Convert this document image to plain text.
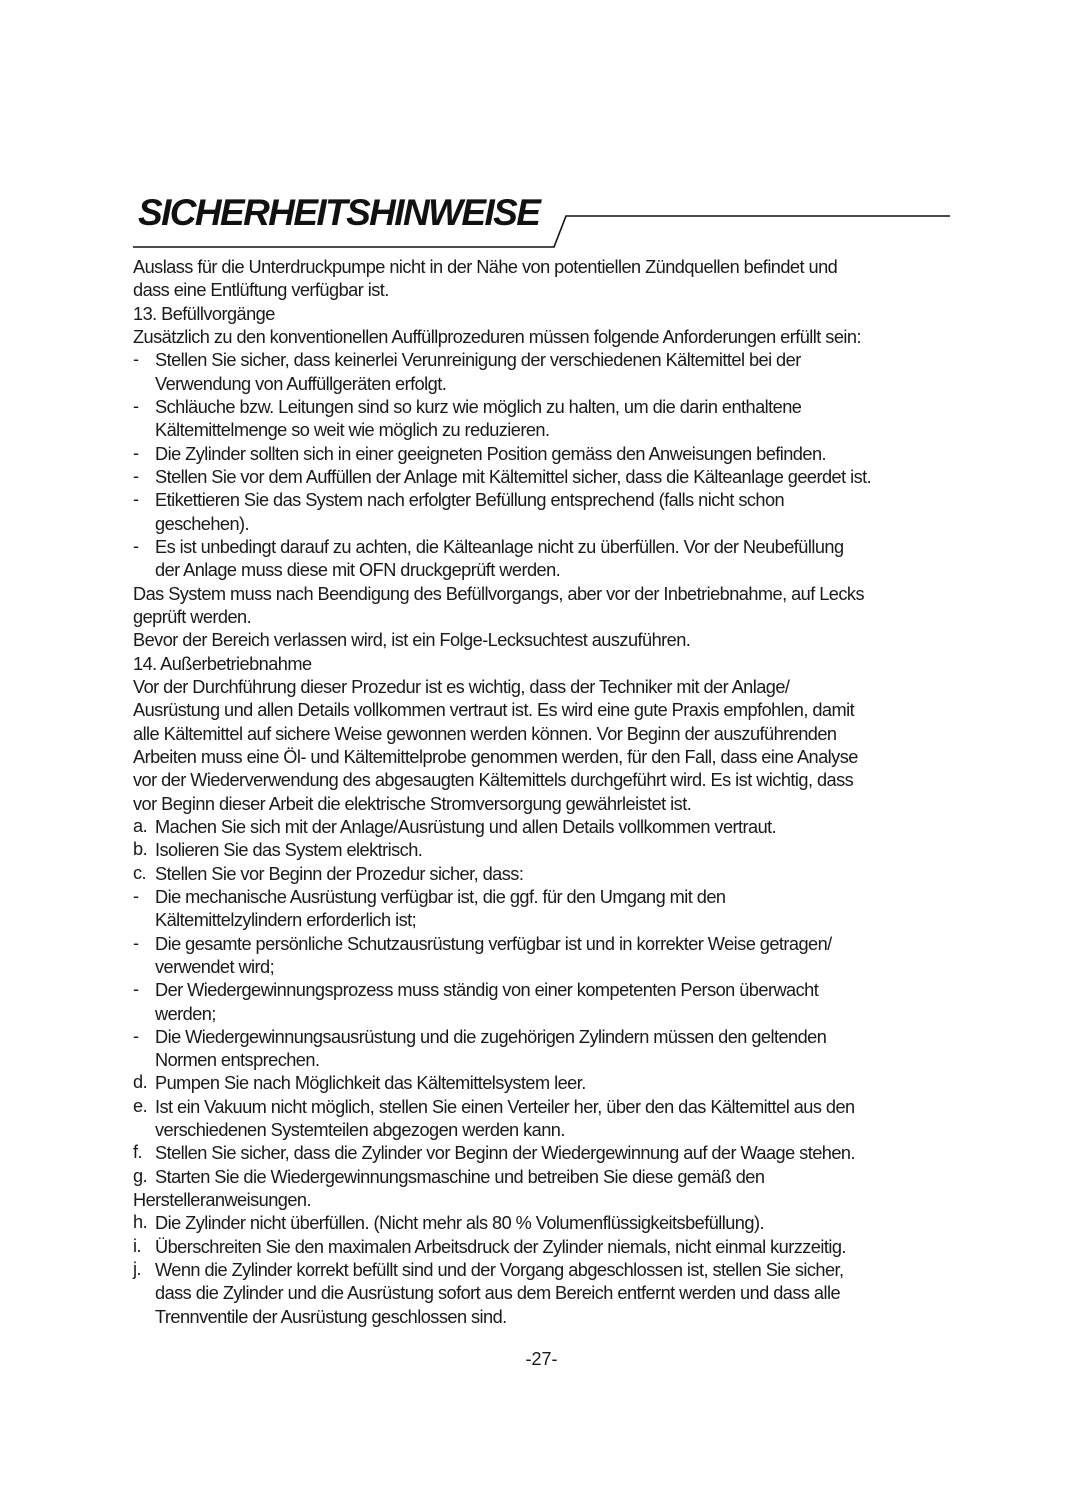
SICHERHEITSHINWEISE
Auslass für die Unterdruckpumpe nicht in der Nähe von potentiellen Zündquellen befindet und
dass eine Entlüftung verfügbar ist.
13. Befüllvorgänge
Zusätzlich zu den konventionellen Auffüllprozeduren müssen folgende Anforderungen erfüllt sein:
- Stellen Sie sicher, dass keinerlei Verunreinigung der verschiedenen Kältemittel bei der
Verwendung von Auffüllgeräten erfolgt.
- Schläuche bzw. Leitungen sind so kurz wie möglich zu halten, um die darin enthaltene
Kältemittelmenge so weit wie möglich zu reduzieren.
- Die Zylinder sollten sich in einer geeigneten Position gemäss den Anweisungen befinden.
- Stellen Sie vor dem Auffüllen der Anlage mit Kältemittel sicher, dass die Kälteanlage geerdet ist.
- Etikettieren Sie das System nach erfolgter Befüllung entsprechend (falls nicht schon
geschehen).
- Es ist unbedingt darauf zu achten, die Kälteanlage nicht zu überfüllen. Vor der Neubefüllung
der Anlage muss diese mit OFN druckgeprüft werden.
Das System muss nach Beendigung des Befüllvorgangs, aber vor der Inbetriebnahme, auf Lecks
geprüft werden.
Bevor der Bereich verlassen wird, ist ein Folge-Lecksuchtest auszuführen.
14. Außerbetriebnahme
Vor der Durchführung dieser Prozedur ist es wichtig, dass der Techniker mit der Anlage/
Ausrüstung und allen Details vollkommen vertraut ist. Es wird eine gute Praxis empfohlen, damit
alle Kältemittel auf sichere Weise gewonnen werden können. Vor Beginn der auszuführenden
Arbeiten muss eine Öl- und Kältemittelprobe genommen werden, für den Fall, dass eine Analyse
vor der Wiederverwendung des abgesaugten Kältemittels durchgeführt wird. Es ist wichtig, dass
vor Beginn dieser Arbeit die elektrische Stromversorgung gewährleistet ist.
a. Machen Sie sich mit der Anlage/Ausrüstung und allen Details vollkommen vertraut.
b. Isolieren Sie das System elektrisch.
c. Stellen Sie vor Beginn der Prozedur sicher, dass:
- Die mechanische Ausrüstung verfügbar ist, die ggf. für den Umgang mit den
Kältemittelzylindern erforderlich ist;
- Die gesamte persönliche Schutzausrüstung verfügbar ist und in korrekter Weise getragen/
verwendet wird;
- Der Wiedergewinnungsprozess muss ständig von einer kompetenten Person überwacht
werden;
- Die Wiedergewinnungsausrüstung und die zugehörigen Zylindern müssen den geltenden
Normen entsprechen.
d. Pumpen Sie nach Möglichkeit das Kältemittelsystem leer.
e. Ist ein Vakuum nicht möglich, stellen Sie einen Verteiler her, über den das Kältemittel aus den
verschiedenen Systemteilen abgezogen werden kann.
f. Stellen Sie sicher, dass die Zylinder vor Beginn der Wiedergewinnung auf der Waage stehen.
g. Starten Sie die Wiedergewinnungsmaschine und betreiben Sie diese gemäß den
Herstelleranweisungen.
h. Die Zylinder nicht überfüllen. (Nicht mehr als 80 % Volumenflüssigkeitsbefüllung).
i. Überschreiten Sie den maximalen Arbeitsdruck der Zylinder niemals, nicht einmal kurzzeitig.
j. Wenn die Zylinder korrekt befüllt sind und der Vorgang abgeschlossen ist, stellen Sie sicher,
dass die Zylinder und die Ausrüstung sofort aus dem Bereich entfernt werden und dass alle
Trennventile der Ausrüstung geschlossen sind.
-27-
